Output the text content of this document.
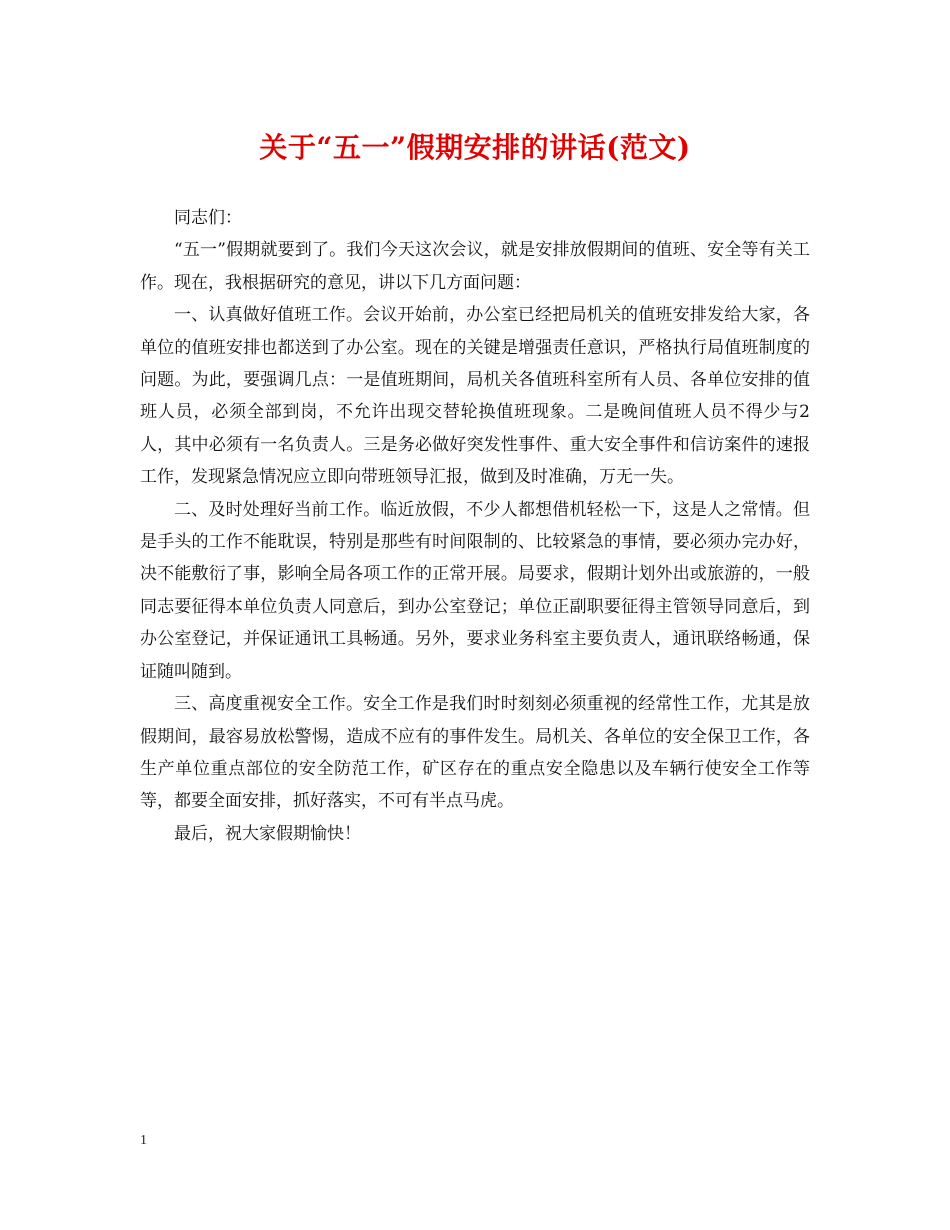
关于“五一”假期安排的讲话(范文)

同志们：

“五一”假期就要到了。我们今天这次会议，就是安排放假期间的值班、安全等有关工作。现在，我根据研究的意见，讲以下几方面问题：

一、认真做好值班工作。会议开始前，办公室已经把局机关的值班安排发给大家，各单位的值班安排也都送到了办公室。现在的关键是增强责任意识，严格执行局值班制度的问题。为此，要强调几点：一是值班期间，局机关各值班科室所有人员、各单位安排的值班人员，必须全部到岗，不允许出现交替轮换值班现象。二是晚间值班人员不得少与2人，其中必须有一名负责人。三是务必做好突发性事件、重大安全事件和信访案件的速报工作，发现紧急情况应立即向带班领导汇报，做到及时准确，万无一失。

二、及时处理好当前工作。临近放假，不少人都想借机轻松一下，这是人之常情。但是手头的工作不能耽误，特别是那些有时间限制的、比较紧急的事情，要必须办完办好，决不能敷衍了事，影响全局各项工作的正常开展。局要求，假期计划外出或旅游的，一般同志要征得本单位负责人同意后，到办公室登记；单位正副职要征得主管领导同意后，到办公室登记，并保证通讯工具畅通。另外，要求业务科室主要负责人，通讯联络畅通，保证随叫随到。

三、高度重视安全工作。安全工作是我们时时刻刻必须重视的经常性工作，尤其是放假期间，最容易放松警惕，造成不应有的事件发生。局机关、各单位的安全保卫工作，各生产单位重点部位的安全防范工作，矿区存在的重点安全隐患以及车辆行使安全工作等等，都要全面安排，抓好落实，不可有半点马虎。

最后，祝大家假期愉快！

1
